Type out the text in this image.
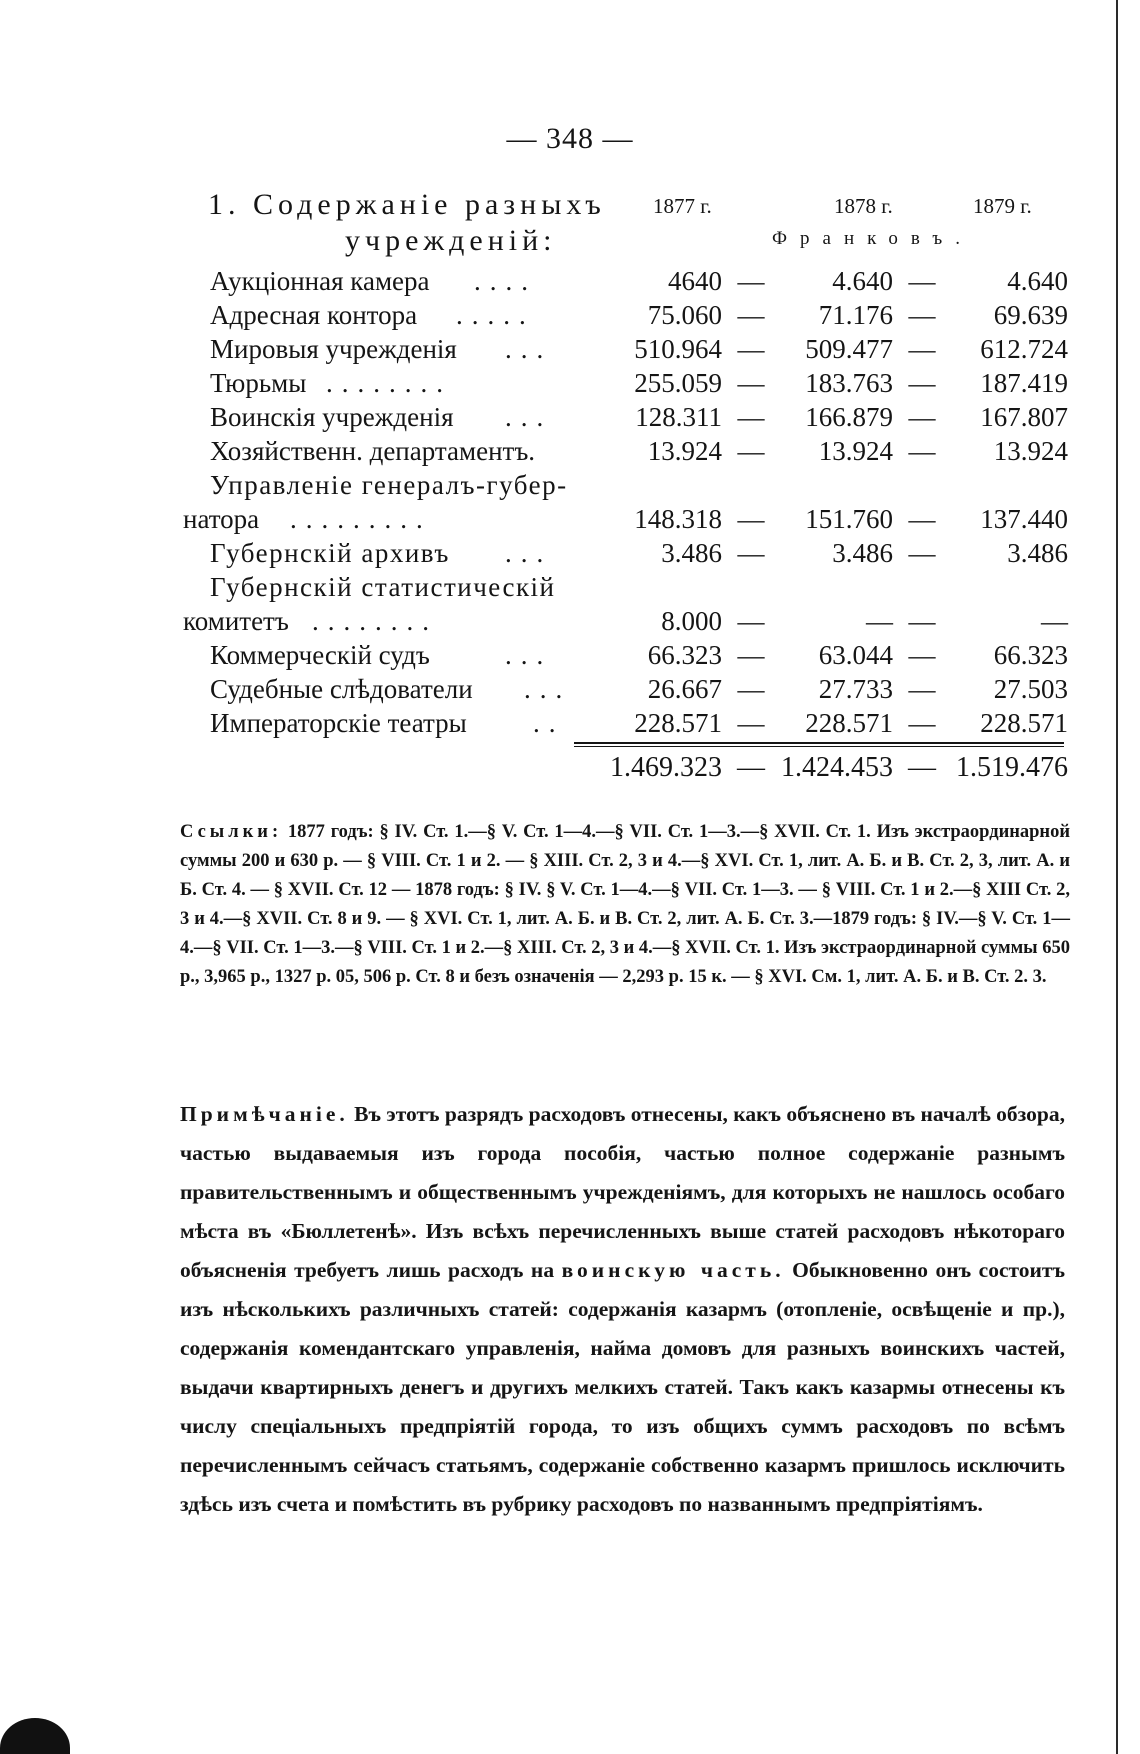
— 348 —
1. Содержаніе разныхъ
учрежденій:
1877 г.	1878 г.	1879 г.
Франковъ.
Аукціонная камера ....	4640 —	4.640 —	4.640
Адресная контора .....	75.060 —	71.176 —	69.639
Мировыя учрежденія ...	510.964 —	509.477 —	612.724
Тюрьмы ........	255.059 —	183.763 —	187.419
Воинскія учрежденія ...	128.311 —	166.879 —	167.807
Хозяйственн. департаментъ.	13.924 —	13.924 —	13.924
Управленіе генералъ-губер-
натора .........	148.318 —	151.760 —	137.440
Губернскій архивъ ...	3.486 —	3.486 —	3.486
Губернскій статистическій
комитетъ ........	8.000 —	— —	—
Коммерческій судъ	...	66.323 —	63.044 —	66.323
Судебные слѣдователи ...	26.667 —	27.733 —	27.503
Императорскіе театры ..	228.571 —	228.571 —	228.571
1.469.323 — 1.424.453 — 1.519.476
Ссылки: 1877 годъ: § IV. Ст. 1.—§ V. Ст. 1—4.—§ VII. Ст. 1—3.—§ XVII. Ст. 1. Изъ экстраординарной суммы 200 и 630 р. — § VIII. Ст. 1 и 2. — § XIII. Ст. 2, 3 и 4.—§ XVI. Ст. 1, лит. А. Б. и В. Ст. 2, 3, лит. А. и Б. Ст. 4. — § XVII. Ст. 12 — 1878 годъ: § IV. § V. Ст. 1—4.—§ VII. Ст. 1—3. — § VIII. Ст. 1 и 2.—§ XIII Ст. 2, 3 и 4.—§ XVII. Ст. 8 и 9. — § XVI. Ст. 1, лит. А. Б. и В. Ст. 2, лит. А. Б. Ст. 3.—1879 годъ: § IV.—§ V. Ст. 1—4.—§ VII. Ст. 1—3.—§ VIII. Ст. 1 и 2.—§ XIII. Ст. 2, 3 и 4.—§ XVII. Ст. 1. Изъ экстраординарной суммы 650 р., 3,965 р., 1327 р. 05, 506 р. Ст. 8 и безъ означенія — 2,293 р. 15 к. — § XVI. См. 1, лит. А. Б. и В. Ст. 2. 3.
Примѣчаніе. Въ этотъ разрядъ расходовъ отнесены, какъ объяснено въ началѣ обзора, частью выдаваемыя изъ города пособія, частью полное содержаніе разнымъ правительственнымъ и общественнымъ учрежденіямъ, для которыхъ не нашлось особаго мѣста въ «Бюллетенѣ». Изъ всѣхъ перечисленныхъ выше статей расходовъ нѣкотораго объясненія требуетъ лишь расходъ на воинскую часть. Обыкновенно онъ состоитъ изъ нѣсколькихъ различныхъ статей: содержанія казармъ (отопленіе, освѣщеніе и пр.), содержанія комендантскаго управленія, найма домовъ для разныхъ воинскихъ частей, выдачи квартирныхъ денегъ и другихъ мелкихъ статей. Такъ какъ казармы отнесены къ числу спеціальныхъ предпріятій города, то изъ общихъ суммъ расходовъ по всѣмъ перечисленнымъ сейчасъ статьямъ, содержаніе собственно казармъ пришлось исключить здѣсь изъ счета и помѣстить въ рубрику расходовъ по названнымъ предпріятіямъ.
